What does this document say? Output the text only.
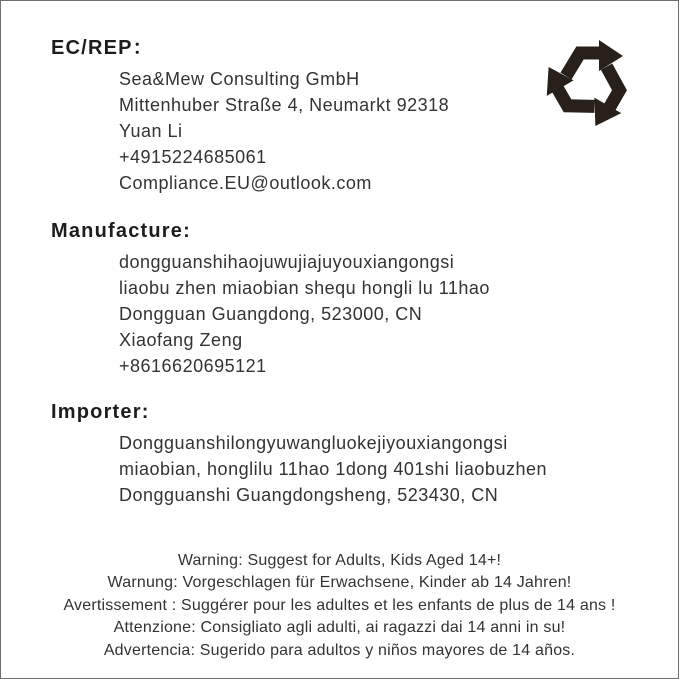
EC/REP：

Sea&Mew Consulting GmbH

Mittenhuber Straße 4, Neumarkt 92318

Yuan Li

+4915224685061

Compliance.EU@outlook.com

Manufacture:

dongguanshihaojuwujiajuyouxiangongsi

liaobu zhen miaobian shequ hongli lu 11hao

Dongguan Guangdong, 523000, CN

Xiaofang Zeng

+8616620695121

Importer:

Dongguanshilongyuwangluokejiyouxiangongsi

miaobian, honglilu 11hao 1dong 401shi liaobuzhen

Dongguanshi Guangdongsheng, 523430, CN

Warning: Suggest for Adults, Kids Aged 14+!

Warnung: Vorgeschlagen für Erwachsene, Kinder ab 14 Jahren!

Avertissement : Suggérer pour les adultes et les enfants de plus de 14 ans !

Attenzione: Consigliato agli adulti, ai ragazzi dai 14 anni in su!

Advertencia: Sugerido para adultos y niños mayores de 14 años.
